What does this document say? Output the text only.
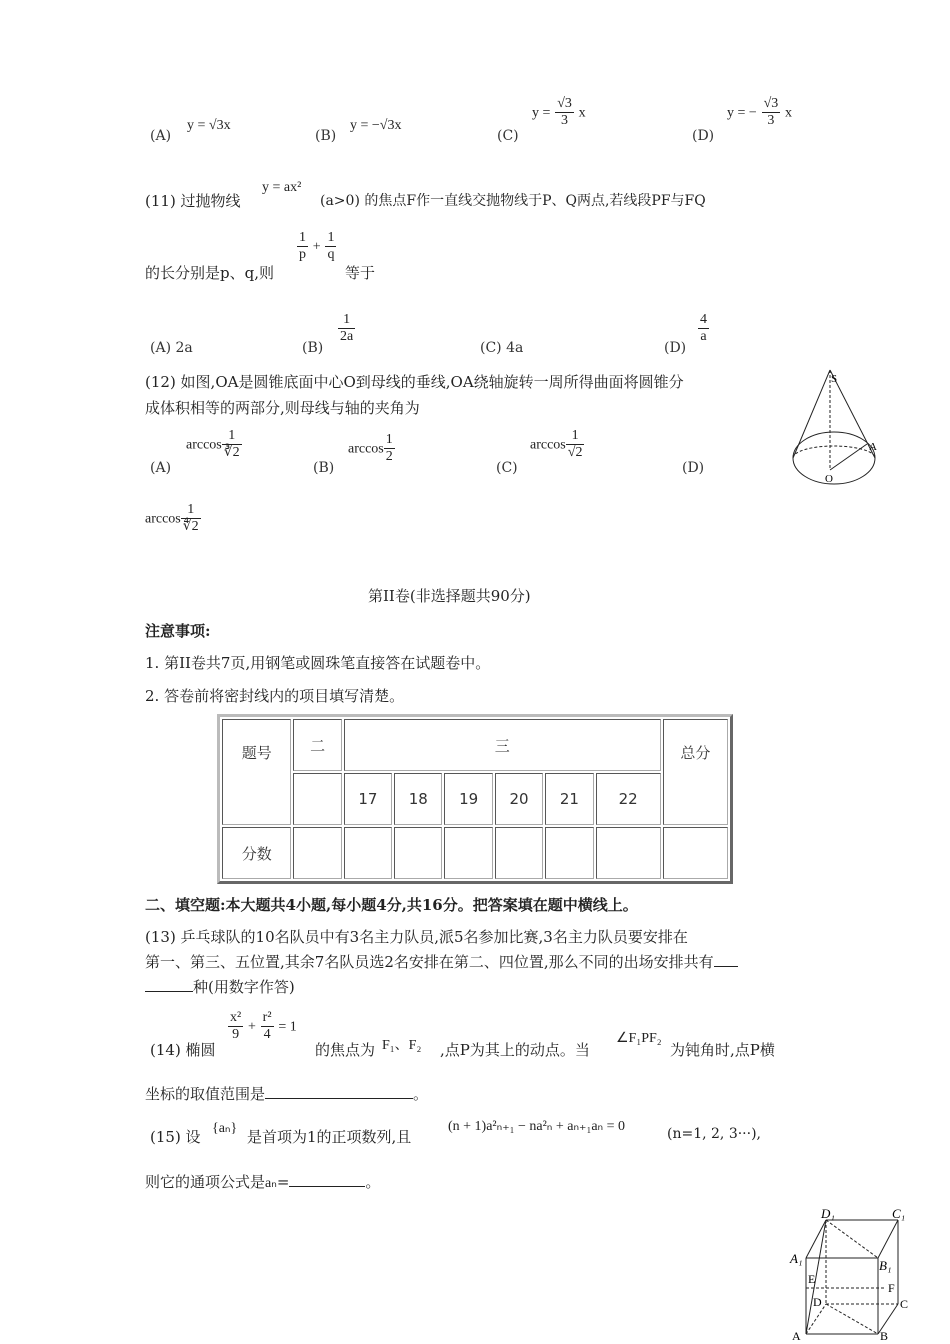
(A)
y = √3x
(B)
y = −√3x
(C)
$y = \frac{√3}{3}$ x
(D)
y = − $\frac{√3}{3}$ x
(11) 过抛物线
y = ax²
(a>0) 的焦点F作一直线交抛物线于P、Q两点,若线段PF与FQ
的长分别是p、q,则
$\frac{1}{p} + \frac{1}{q}$
等于
(A) 2a	(B)
$\frac{1}{2a}$
(C) 4a	(D)
$\frac{4}{a}$
(12) 如图,OA是圆锥底面中心O到母线的垂线,OA绕轴旋转一周所得曲面将圆锥分
成体积相等的两部分,则母线与轴的夹角为
(A)
$\arccos \frac{1}{∛2}$
(B)
$\arccos \frac{1}{2}$
(C)
$\arccos \frac{1}{√2}$
(D)
$\arccos \frac{1}{∜2}$
S
A
O
第II卷(非选择题共90分)
注意事项:
1. 第II卷共7页,用钢笔或圆珠笔直接答在试题卷中。
2. 答卷前将密封线内的项目填写清楚。
题号	二	三						总分
		17	18	19	20	21	22	
分数								
二、填空题:本大题共4小题,每小题4分,共16分。把答案填在题中横线上。
(13) 乒乓球队的10名队员中有3名主力队员,派5名参加比赛,3名主力队员要安排在
第一、第三、五位置,其余7名队员选2名安排在第二、四位置,那么不同的出场安排共有
种(用数字作答)
(14) 椭圆
$\frac{\text{x²}}{9} + \frac{\text{r²}}{4} = 1$
的焦点为 F₁、F₂ ,点P为其上的动点。当
∠F₁PF₂
为钝角时,点P横
坐标的取值范围是	。
(15) 设 {aₙ} 是首项为1的正项数列,且
(n + 1)a²ₙ₊₁ − na²ₙ + aₙ₊₁aₙ = 0	(n=1, 2, 3···),
则它的通项公式是aₙ=	。
D₁	C₁
A₁	B₁
E
F
D	C
A	B
